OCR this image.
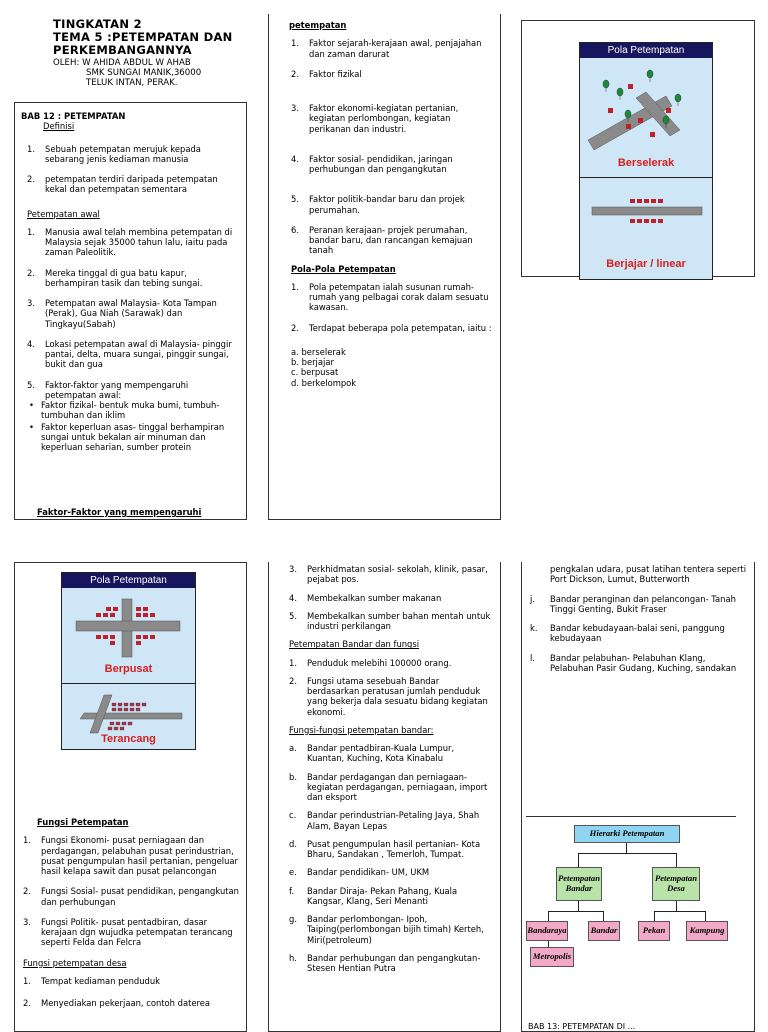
TINGKATAN 2
TEMA 5 :PETEMPATAN DAN
PERKEMBANGANNYA
OLEH: W AHIDA ABDUL W AHAB
SMK SUNGAI MANIK,36000
TELUK INTAN, PERAK.
BAB 12 : PETEMPATAN
Definisi
1. Sebuah petempatan merujuk kepada sebarang jenis kediaman manusia
2. petempatan terdiri daripada petempatan kekal dan petempatan sementara
Petempatan awal
1. Manusia awal telah membina petempatan di Malaysia sejak 35000 tahun lalu, iaitu pada zaman Paleolitik.
2. Mereka tinggal di gua batu kapur, berhampiran tasik dan tebing sungai.
3. Petempatan awal Malaysia- Kota Tampan (Perak), Gua Niah (Sarawak) dan Tingkayu(Sabah)
4. Lokasi petempatan awal di Malaysia- pinggir pantai, delta, muara sungai, pinggir sungai, bukit dan gua
5. Faktor-faktor yang mempengaruhi petempatan awal:
• Faktor fizikal- bentuk muka bumi, tumbuh-tumbuhan dan iklim
• Faktor keperluan asas- tinggal berhampiran sungai untuk bekalan air minuman dan keperluan seharian, sumber protein
Faktor-Faktor yang mempengaruhi
petempatan
1. Faktor sejarah-kerajaan awal, penjajahan dan zaman darurat
2. Faktor fizikal
3. Faktor ekonomi-kegiatan pertanian, kegiatan perlombongan, kegiatan perikanan dan industri.
4. Faktor sosial- pendidikan, jaringan perhubungan dan pengangkutan
5. Faktor politik-bandar baru dan projek perumahan.
6. Peranan kerajaan- projek perumahan, bandar baru, dan rancangan kemajuan tanah
Pola-Pola Petempatan
1. Pola petempatan ialah susunan rumah-rumah yang pelbagai corak dalam sesuatu kawasan.
2. Terdapat beberapa pola petempatan, iaitu :
a. berselerak
b. berjajar
c. berpusat
d. berkelompok
Pola Petempatan
Berselerak
Berjajar / linear
Pola Petempatan
Berpusat
Terancang
Fungsi Petempatan
1. Fungsi Ekonomi- pusat perniagaan dan perdagangan, pelabuhan pusat perindustrian, pusat pengumpulan hasil pertanian, pengeluar hasil kelapa sawit dan pusat pelancongan
2. Fungsi Sosial- pusat pendidikan, pengangkutan dan perhubungan
3. Fungsi Politik- pusat pentadbiran, dasar kerajaan dgn wujudka petempatan terancang seperti Felda dan Felcra
Fungsi petempatan desa
1. Tempat kediaman penduduk
2. Menyediakan pekerjaan, contoh daterea
3. Perkhidmatan sosial- sekolah, klinik, pasar, pejabat pos.
4. Membekalkan sumber makanan
5. Membekalkan sumber bahan mentah untuk industri perkilangan
Petempatan Bandar dan fungsi
1. Penduduk melebihi 100000 orang.
2. Fungsi utama sesebuah Bandar berdasarkan peratusan jumlah penduduk yang bekerja dala sesuatu bidang kegiatan ekonomi.
Fungsi-fungsi petempatan bandar:
a. Bandar pentadbiran-Kuala Lumpur, Kuantan, Kuching, Kota Kinabalu
b. Bandar perdagangan dan perniagaan- kegiatan perdagangan, perniagaan, import dan eksport
c. Bandar perindustrian-Petaling Jaya, Shah Alam, Bayan Lepas
d. Pusat pengumpulan hasil pertanian- Kota Bharu, Sandakan , Temerloh, Tumpat.
e. Bandar pendidikan- UM, UKM
f. Bandar Diraja- Pekan Pahang, Kuala Kangsar, Klang, Seri Menanti
g. Bandar perlombongan- Ipoh, Taiping(perlombongan bijih timah) Kerteh, Miri(petroleum)
h. Bandar perhubungan dan pengangkutan-Stesen Hentian Putra
pengkalan udara, pusat latihan tentera seperti Port Dickson, Lumut, Butterworth
j. Bandar peranginan dan pelancongan- Tanah Tinggi Genting, Bukit Fraser
k. Bandar kebudayaan-balai seni, panggung kebudayaan
l. Bandar pelabuhan- Pelabuhan Klang, Pelabuhan Pasir Gudang, Kuching, sandakan
Hierarki Petempatan
Petempatan Bandar
Petempatan Desa
Bandaraya	Bandar	Pekan	Kampung
Metropolis
BAB 13: PETEMPATAN DI ...
